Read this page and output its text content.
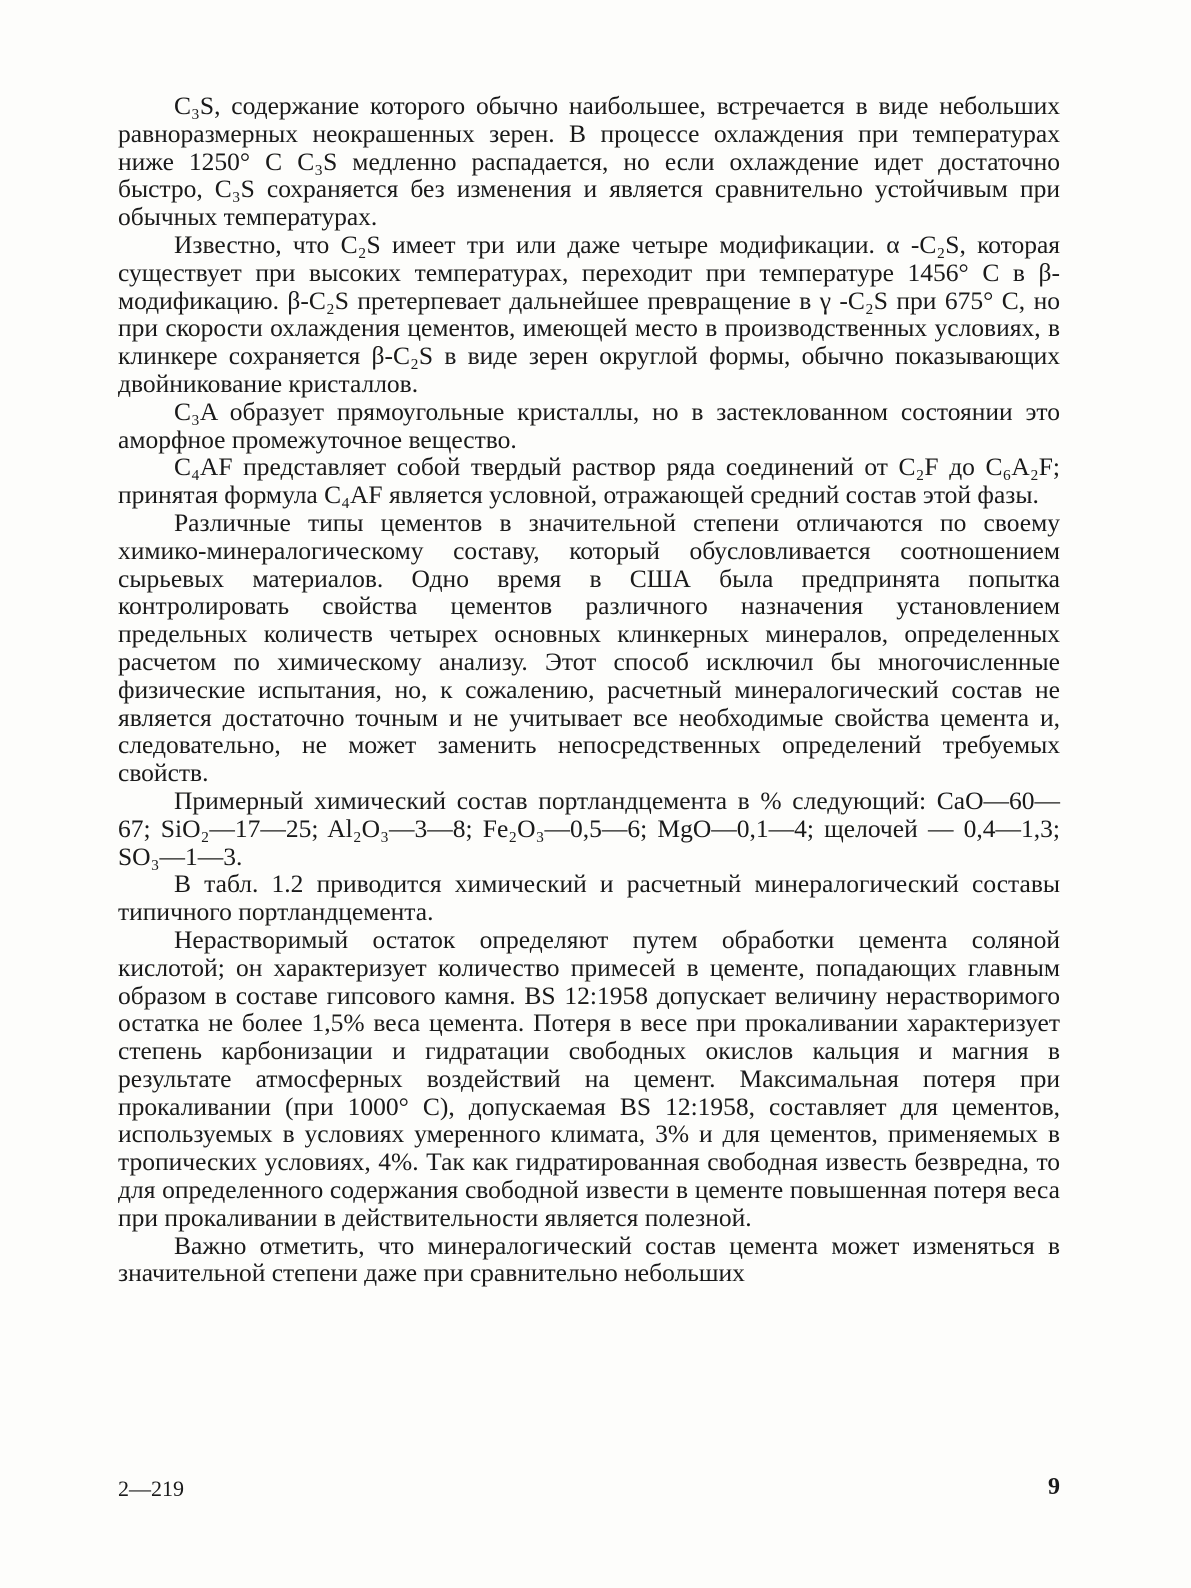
C₃S, содержание которого обычно наибольшее, встречается в виде небольших равноразмерных неокрашенных зерен. В процессе охлаждения при температурах ниже 1250° C C₃S медленно распадается, но если охлаждение идет достаточно быстро, C₃S сохраняется без изменения и является сравнительно устойчивым при обычных температурах.

Известно, что C₂S имеет три или даже четыре модификации. α -C₂S, которая существует при высоких температурах, переходит при температуре 1456° C в β-модификацию. β-C₂S претерпевает дальнейшее превращение в γ -C₂S при 675° C, но при скорости охлаждения цементов, имеющей место в производственных условиях, в клинкере сохраняется β-C₂S в виде зерен округлой формы, обычно показывающих двойникование кристаллов.

C₃A образует прямоугольные кристаллы, но в застеклованном состоянии это аморфное промежуточное вещество.

C₄AF представляет собой твердый раствор ряда соединений от C₂F до C₆A₂F; принятая формула C₄AF является условной, отражающей средний состав этой фазы.

Различные типы цементов в значительной степени отличаются по своему химико-минералогическому составу, который обусловливается соотношением сырьевых материалов. Одно время в США была предпринята попытка контролировать свойства цементов различного назначения установлением предельных количеств четырех основных клинкерных минералов, определенных расчетом по химическому анализу. Этот способ исключил бы многочисленные физические испытания, но, к сожалению, расчетный минералогический состав не является достаточно точным и не учитывает все необходимые свойства цемента и, следовательно, не может заменить непосредственных определений требуемых свойств.

Примерный химический состав портландцемента в % следующий: CaO—60—67; SiO₂—17—25; Al₂O₃—3—8; Fe₂O₃—0,5—6; MgO—0,1—4; щелочей — 0,4—1,3; SO₃—1—3.

В табл. 1.2 приводится химический и расчетный минералогический составы типичного портландцемента.

Нерастворимый остаток определяют путем обработки цемента соляной кислотой; он характеризует количество примесей в цементе, попадающих главным образом в составе гипсового камня. BS 12:1958 допускает величину нерастворимого остатка не более 1,5% веса цемента. Потеря в весе при прокаливании характеризует степень карбонизации и гидратации свободных окислов кальция и магния в результате атмосферных воздействий на цемент. Максимальная потеря при прокаливании (при 1000° C), допускаемая BS 12:1958, составляет для цементов, используемых в условиях умеренного климата, 3% и для цементов, применяемых в тропических условиях, 4%. Так как гидратированная свободная известь безвредна, то для определенного содержания свободной извести в цементе повышенная потеря веса при прокаливании в действительности является полезной.

Важно отметить, что минералогический состав цемента может изменяться в значительной степени даже при сравнительно небольших

2—219	9
